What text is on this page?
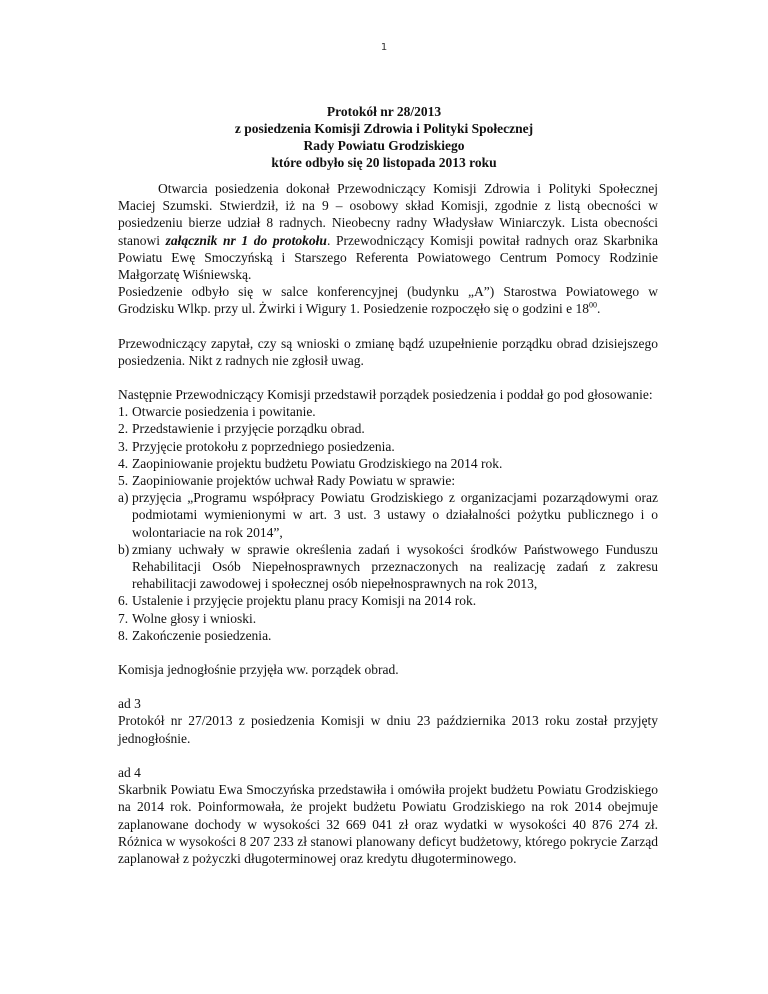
1
Protokół nr 28/2013
z posiedzenia Komisji Zdrowia i Polityki Społecznej
Rady Powiatu Grodziskiego
które odbyło się 20 listopada 2013 roku

Otwarcia posiedzenia dokonał Przewodniczący Komisji Zdrowia i Polityki Społecznej Maciej Szumski. Stwierdził, iż na 9 – osobowy skład Komisji, zgodnie z listą obecności w posiedzeniu bierze udział 8 radnych. Nieobecny radny Władysław Winiarczyk. Lista obecności stanowi załącznik nr 1 do protokołu. Przewodniczący Komisji powitał radnych oraz Skarbnika Powiatu Ewę Smoczyńską i Starszego Referenta Powiatowego Centrum Pomocy Rodzinie Małgorzatę Wiśniewską.

Posiedzenie odbyło się w salce konferencyjnej (budynku „A”) Starostwa Powiatowego w Grodzisku Wlkp. przy ul. Żwirki i Wigury 1. Posiedzenie rozpoczęło się o godzini e $18^{00}$.

Przewodniczący zapytał, czy są wnioski o zmianę bądź uzupełnienie porządku obrad dzisiejszego posiedzenia. Nikt z radnych nie zgłosił uwag.

Następnie Przewodniczący Komisji przedstawił porządek posiedzenia i poddał go pod głosowanie:

1. Otwarcie posiedzenia i powitanie.
2. Przedstawienie i przyjęcie porządku obrad.
3. Przyjęcie protokołu z poprzedniego posiedzenia.
4. Zaopiniowanie projektu budżetu Powiatu Grodziskiego na 2014 rok.
5. Zaopiniowanie projektów uchwał Rady Powiatu w sprawie:
a) przyjęcia „Programu współpracy Powiatu Grodziskiego z organizacjami pozarządowymi oraz podmiotami wymienionymi w art. 3 ust. 3 ustawy o działalności pożytku publicznego i o wolontariacie na rok 2014”,
b) zmiany uchwały w sprawie określenia zadań i wysokości środków Państwowego Funduszu Rehabilitacji Osób Niepełnosprawnych przeznaczonych na realizację zadań z zakresu rehabilitacji zawodowej i społecznej osób niepełnosprawnych na rok 2013,
6. Ustalenie i przyjęcie projektu planu pracy Komisji na 2014 rok.
7. Wolne głosy i wnioski.
8. Zakończenie posiedzenia.

Komisja jednogłośnie przyjęła ww. porządek obrad.

ad 3

Protokół nr 27/2013 z posiedzenia Komisji w dniu 23 października 2013 roku został przyjęty jednogłośnie.

ad 4

Skarbnik Powiatu Ewa Smoczyńska przedstawiła i omówiła projekt budżetu Powiatu Grodziskiego na 2014 rok. Poinformowała, że projekt budżetu Powiatu Grodziskiego na rok 2014 obejmuje zaplanowane dochody w wysokości 32 669 041 zł oraz wydatki w wysokości 40 876 274 zł. Różnica w wysokości 8 207 233 zł stanowi planowany deficyt budżetowy, którego pokrycie Zarząd zaplanował z pożyczki długoterminowej oraz kredytu długoterminowego.
